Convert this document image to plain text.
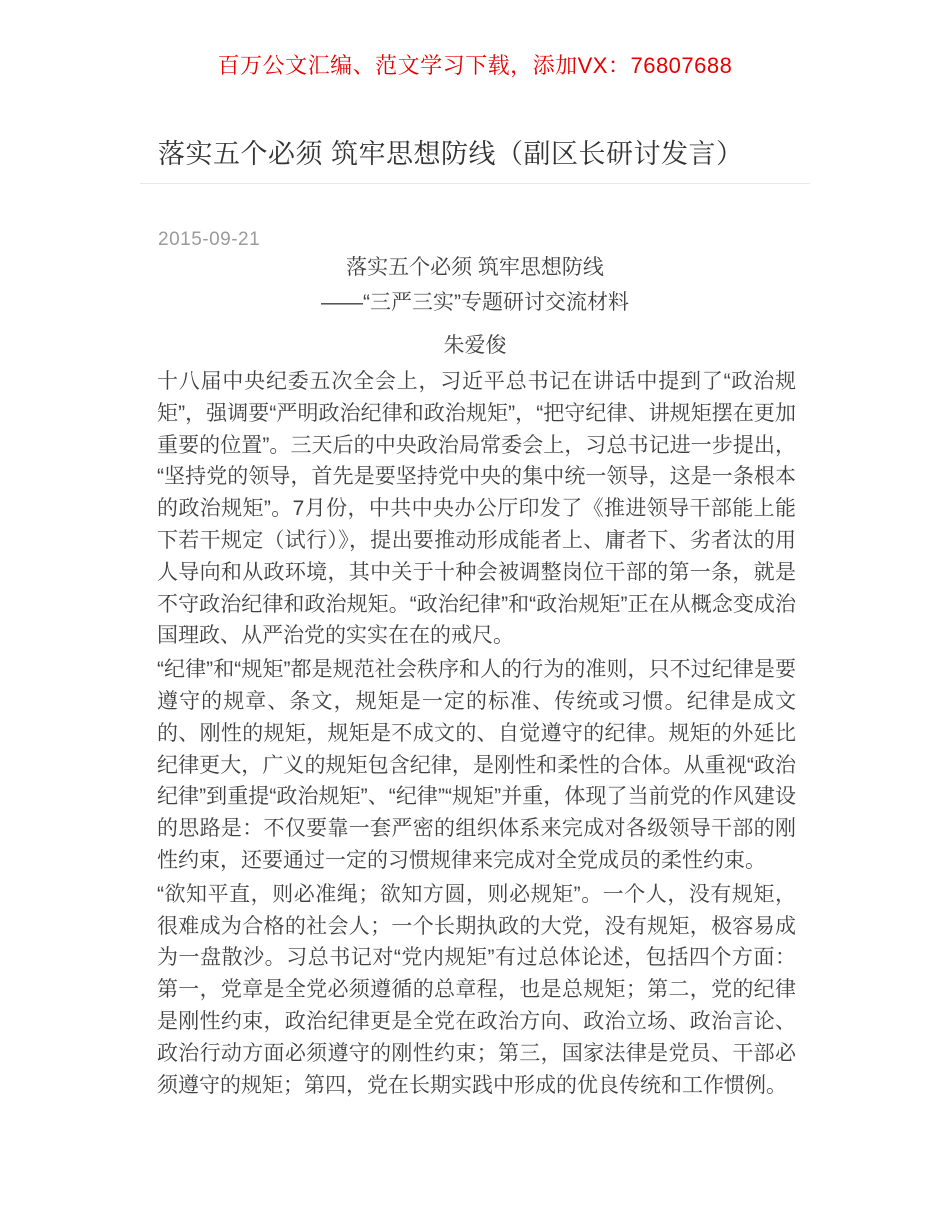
百万公文汇编、范文学习下载，添加VX：76807688
落实五个必须 筑牢思想防线（副区长研讨发言）
2015-09-21
落实五个必须 筑牢思想防线
——“三严三实”专题研讨交流材料
朱爱俊

十八届中央纪委五次全会上，习近平总书记在讲话中提到了“政治规矩”，强调要“严明政治纪律和政治规矩”，“把守纪律、讲规矩摆在更加重要的位置”。三天后的中央政治局常委会上，习总书记进一步提出，“坚持党的领导，首先是要坚持党中央的集中统一领导，这是一条根本的政治规矩”。7月份，中共中央办公厅印发了《推进领导干部能上能下若干规定（试行）》，提出要推动形成能者上、庸者下、劣者汰的用人导向和从政环境，其中关于十种会被调整岗位干部的第一条，就是不守政治纪律和政治规矩。“政治纪律”和“政治规矩”正在从概念变成治国理政、从严治党的实实在在的戒尺。

“纪律”和“规矩”都是规范社会秩序和人的行为的准则，只不过纪律是要遵守的规章、条文，规矩是一定的标准、传统或习惯。纪律是成文的、刚性的规矩，规矩是不成文的、自觉遵守的纪律。规矩的外延比纪律更大，广义的规矩包含纪律，是刚性和柔性的合体。从重视“政治纪律”到重提“政治规矩”、“纪律”“规矩”并重，体现了当前党的作风建设的思路是：不仅要靠一套严密的组织体系来完成对各级领导干部的刚性约束，还要通过一定的习惯规律来完成对全党成员的柔性约束。

“欲知平直，则必准绳；欲知方圆，则必规矩”。一个人，没有规矩，很难成为合格的社会人；一个长期执政的大党，没有规矩，极容易成为一盘散沙。习总书记对“党内规矩”有过总体论述，包括四个方面：第一，党章是全党必须遵循的总章程，也是总规矩；第二，党的纪律是刚性约束，政治纪律更是全党在政治方向、政治立场、政治言论、政治行动方面必须遵守的刚性约束；第三，国家法律是党员、干部必须遵守的规矩；第四，党在长期实践中形成的优良传统和工作惯例。
